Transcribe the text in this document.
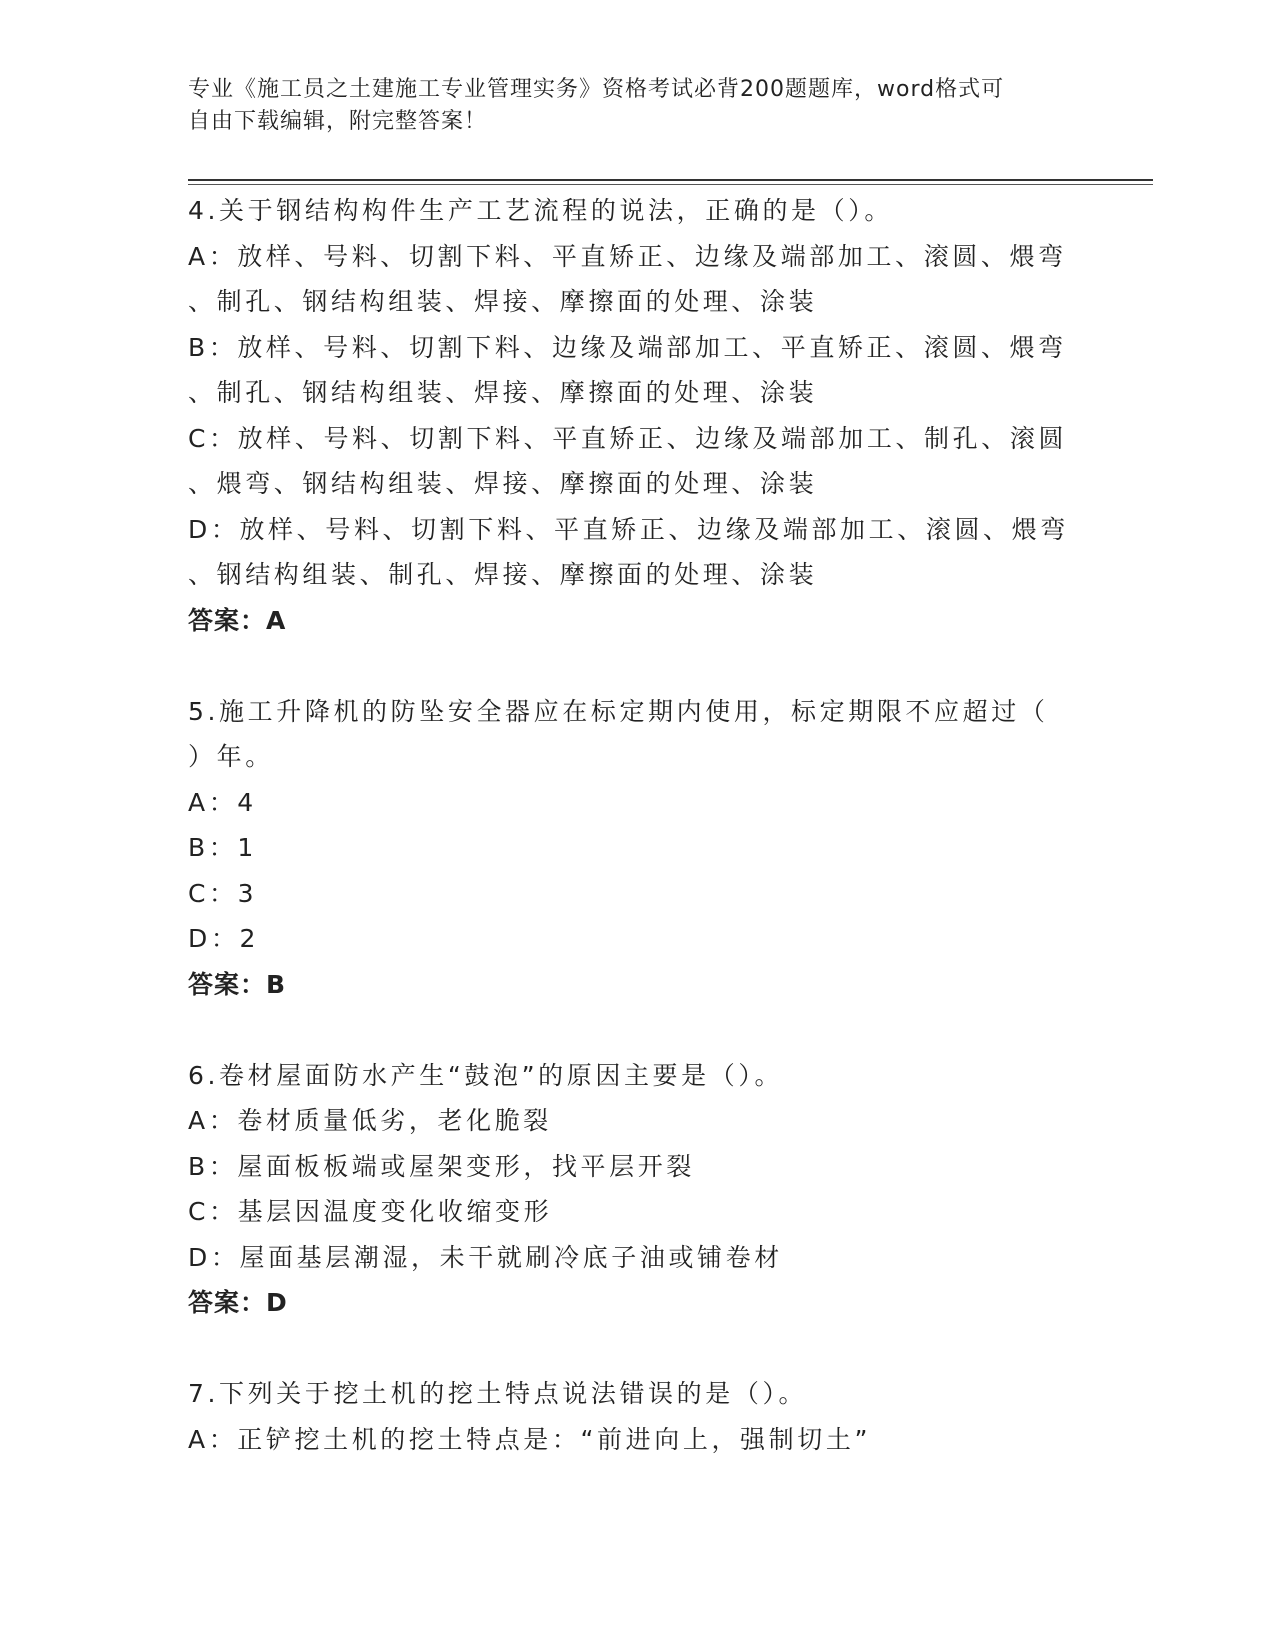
专业《施工员之土建施工专业管理实务》资格考试必背200题题库，word格式可
自由下载编辑，附完整答案！
4.关于钢结构构件生产工艺流程的说法，正确的是（）。
A：放样、号料、切割下料、平直矫正、边缘及端部加工、滚圆、煨弯
、制孔、钢结构组装、焊接、摩擦面的处理、涂装
B：放样、号料、切割下料、边缘及端部加工、平直矫正、滚圆、煨弯
、制孔、钢结构组装、焊接、摩擦面的处理、涂装
C：放样、号料、切割下料、平直矫正、边缘及端部加工、制孔、滚圆
、煨弯、钢结构组装、焊接、摩擦面的处理、涂装
D：放样、号料、切割下料、平直矫正、边缘及端部加工、滚圆、煨弯
、钢结构组装、制孔、焊接、摩擦面的处理、涂装
答案：A
5.施工升降机的防坠安全器应在标定期内使用，标定期限不应超过（
）年。
A：4
B：1
C：3
D：2
答案：B
6.卷材屋面防水产生“鼓泡”的原因主要是（）。
A：卷材质量低劣，老化脆裂
B：屋面板板端或屋架变形，找平层开裂
C：基层因温度变化收缩变形
D：屋面基层潮湿，未干就刷冷底子油或铺卷材
答案：D
7.下列关于挖土机的挖土特点说法错误的是（）。
A：正铲挖土机的挖土特点是：“前进向上，强制切土”
